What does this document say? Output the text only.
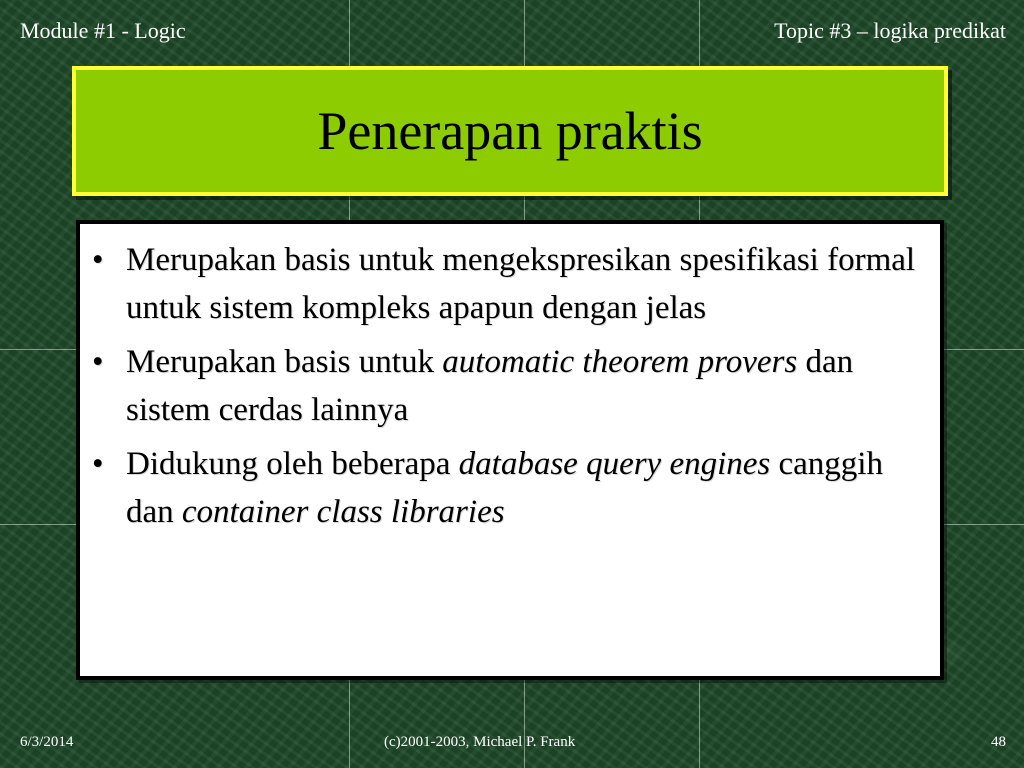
Module #1 - Logic	Topic #3 – logika predikat
Penerapan praktis
• Merupakan basis untuk mengekspresikan spesifikasi formal untuk sistem kompleks apapun dengan jelas
• Merupakan basis untuk automatic theorem provers dan sistem cerdas lainnya
• Didukung oleh beberapa database query engines canggih dan container class libraries
6/3/2014	(c)2001-2003, Michael P. Frank	48
